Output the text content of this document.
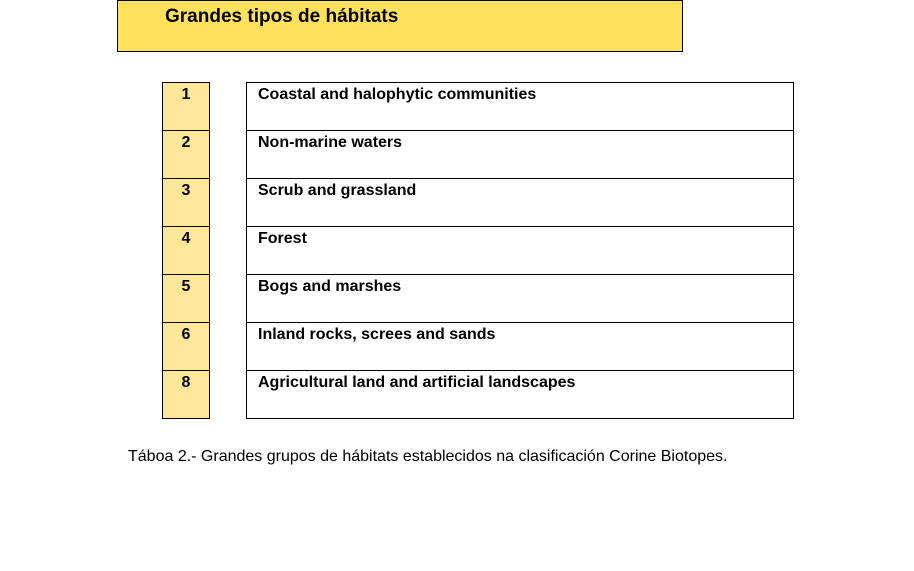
Grandes tipos de hábitats
1
2
3
4
5
6
8
Coastal and halophytic communities
Non-marine waters
Scrub and grassland
Forest
Bogs and marshes
Inland rocks, screes and sands
Agricultural land and artificial landscapes
Táboa 2.- Grandes grupos de hábitats establecidos na clasificación Corine Biotopes.
